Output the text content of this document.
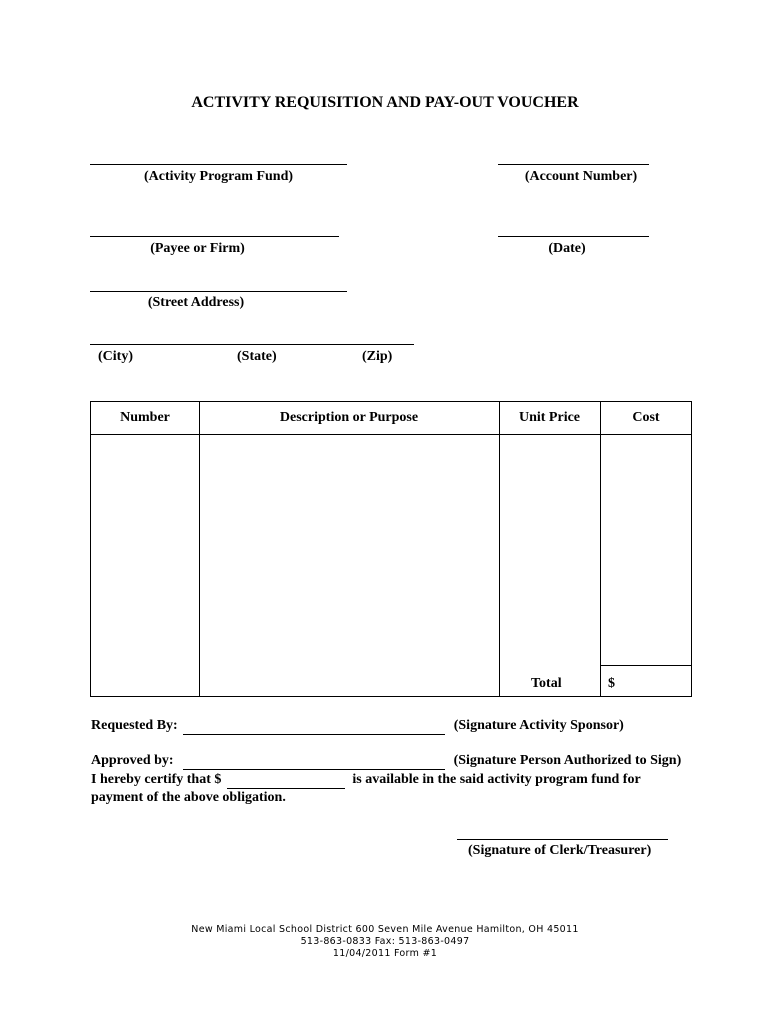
ACTIVITY REQUISITION AND PAY-OUT VOUCHER
(Activity Program Fund)	(Account Number)
(Payee or Firm)	(Date)
(Street Address)
(City)	(State)	(Zip)
Number	Description or Purpose	Unit Price	Cost
Total	$
Requested By:	(Signature Activity Sponsor)
Approved by:	(Signature Person Authorized to Sign)
I hereby certify that $	is available in the said activity program fund for
payment of the above obligation.
(Signature of Clerk/Treasurer)
New Miami Local School District 600 Seven Mile Avenue Hamilton, OH 45011
513-863-0833 Fax: 513-863-0497
11/04/2011 Form #1
